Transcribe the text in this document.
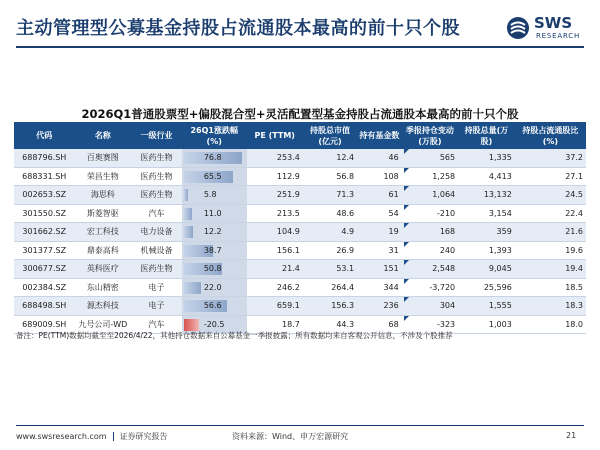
主动管理型公募基金持股占流通股本最高的前十只个股	SWS
RESEARCH
2026Q1普通股票型+偏股混合型+灵活配置型基金持股占流通股本最高的前十只个股
代码	名称	一级行业	26Q1涨跌幅(%)	PE (TTM)	持股总市值(亿元)	持有基金数	季报持仓变动(万股)	持股总量(万股)	持股占流通股比(%)
688796.SH	百奥赛图	医药生物	76.8	253.4	12.4	46	565	1,335	37.2
688331.SH	荣昌生物	医药生物	65.5	112.9	56.8	108	1,258	4,413	27.1
002653.SZ	海思科	医药生物	5.8	251.9	71.3	61	1,064	13,132	24.5
301550.SZ	斯菱智驱	汽车	11.0	213.5	48.6	54	-210	3,154	22.4
301662.SZ	宏工科技	电力设备	12.2	104.9	4.9	19	168	359	21.6
301377.SZ	鼎泰高科	机械设备	38.7	156.1	26.9	31	240	1,393	19.6
300677.SZ	英科医疗	医药生物	50.8	21.4	53.1	151	2,548	9,045	19.4
002384.SZ	东山精密	电子	22.0	246.2	264.4	344	-3,720	25,596	18.5
688498.SH	源杰科技	电子	56.6	659.1	156.3	236	304	1,555	18.3
689009.SH	九号公司-WD	汽车	-20.5	18.7	44.3	68	-323	1,003	18.0
备注：PE(TTM)数据均截至至2026/4/22，其他持仓数据来自公募基金一季报披露；所有数据均来自客观公开信息，不涉及个股推荐
www.swsresearch.com 证券研究报告	资料来源：Wind、申万宏源研究	21
